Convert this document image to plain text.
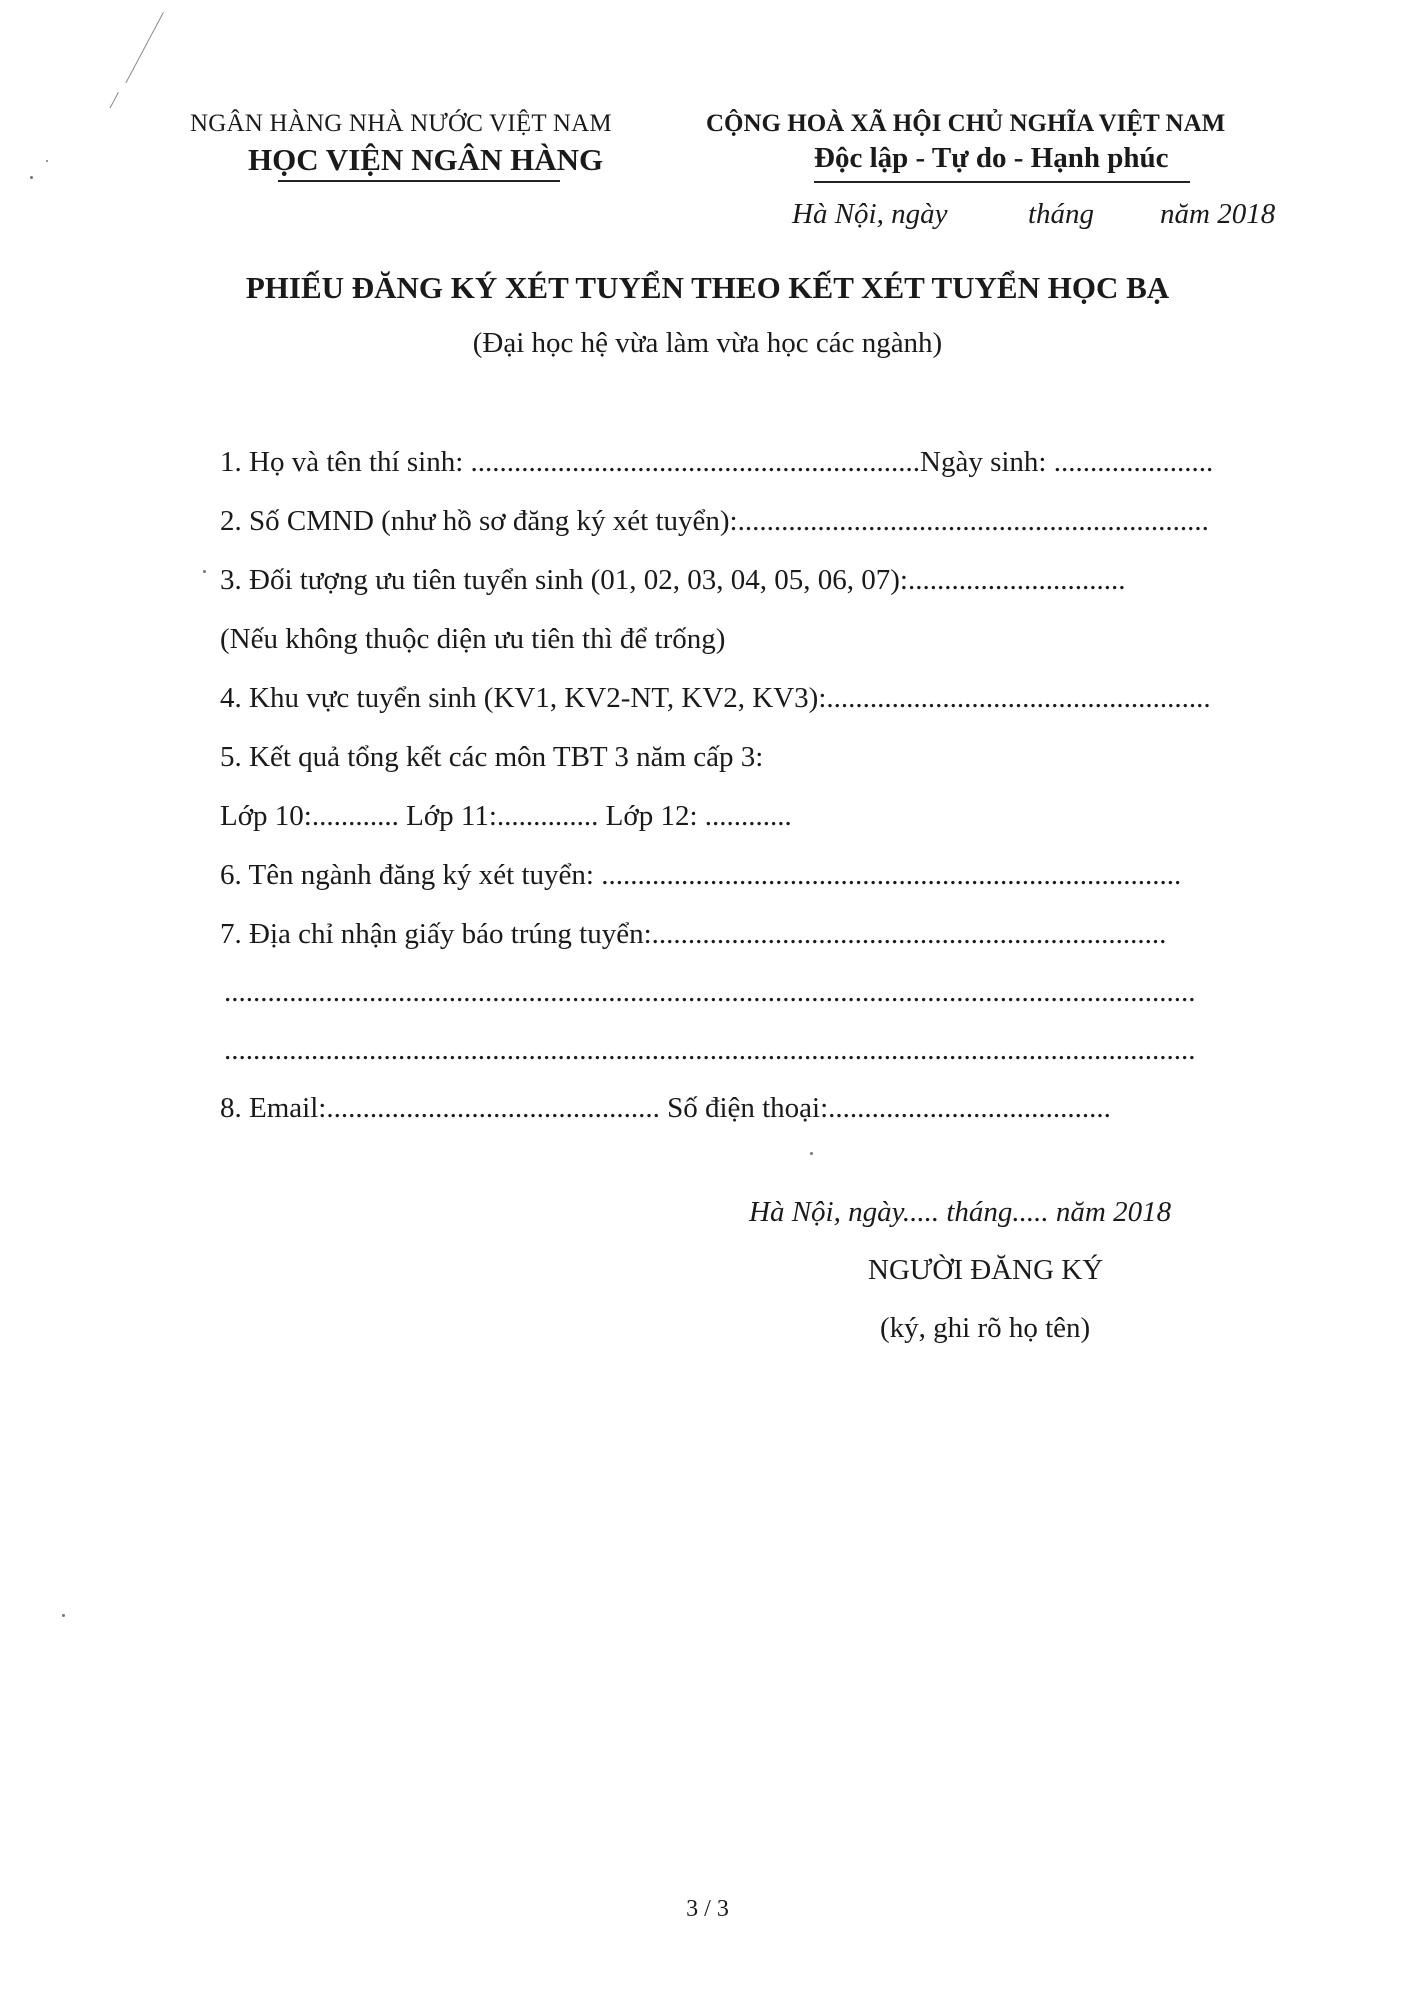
NGÂN HÀNG NHÀ NƯỚC VIỆT NAM
HỌC VIỆN NGÂN HÀNG
CỘNG HOÀ XÃ HỘI CHỦ NGHĨA VIỆT NAM
Độc lập - Tự do - Hạnh phúc
Hà Nội, ngày	tháng năm 2018
PHIẾU ĐĂNG KÝ XÉT TUYỂN THEO KẾT XÉT TUYỂN HỌC BẠ
(Đại học hệ vừa làm vừa học các ngành)
1. Họ và tên thí sinh: ..............................................................Ngày sinh: ......................
2. Số CMND (như hồ sơ đăng ký xét tuyển):.................................................................
3. Đối tượng ưu tiên tuyển sinh (01, 02, 03, 04, 05, 06, 07):..............................
(Nếu không thuộc diện ưu tiên thì để trống)
4. Khu vực tuyển sinh (KV1, KV2-NT, KV2, KV3):.....................................................
5. Kết quả tổng kết các môn TBT 3 năm cấp 3:
Lớp 10:............ Lớp 11:.............. Lớp 12: ............
6. Tên ngành đăng ký xét tuyển: ................................................................................
7. Địa chỉ nhận giấy báo trúng tuyển:.......................................................................
......................................................................................................................................
......................................................................................................................................
8. Email:.............................................. Số điện thoại:.......................................
Hà Nội, ngày..... tháng..... năm 2018
NGƯỜI ĐĂNG KÝ
(ký, ghi rõ họ tên)
3 / 3
